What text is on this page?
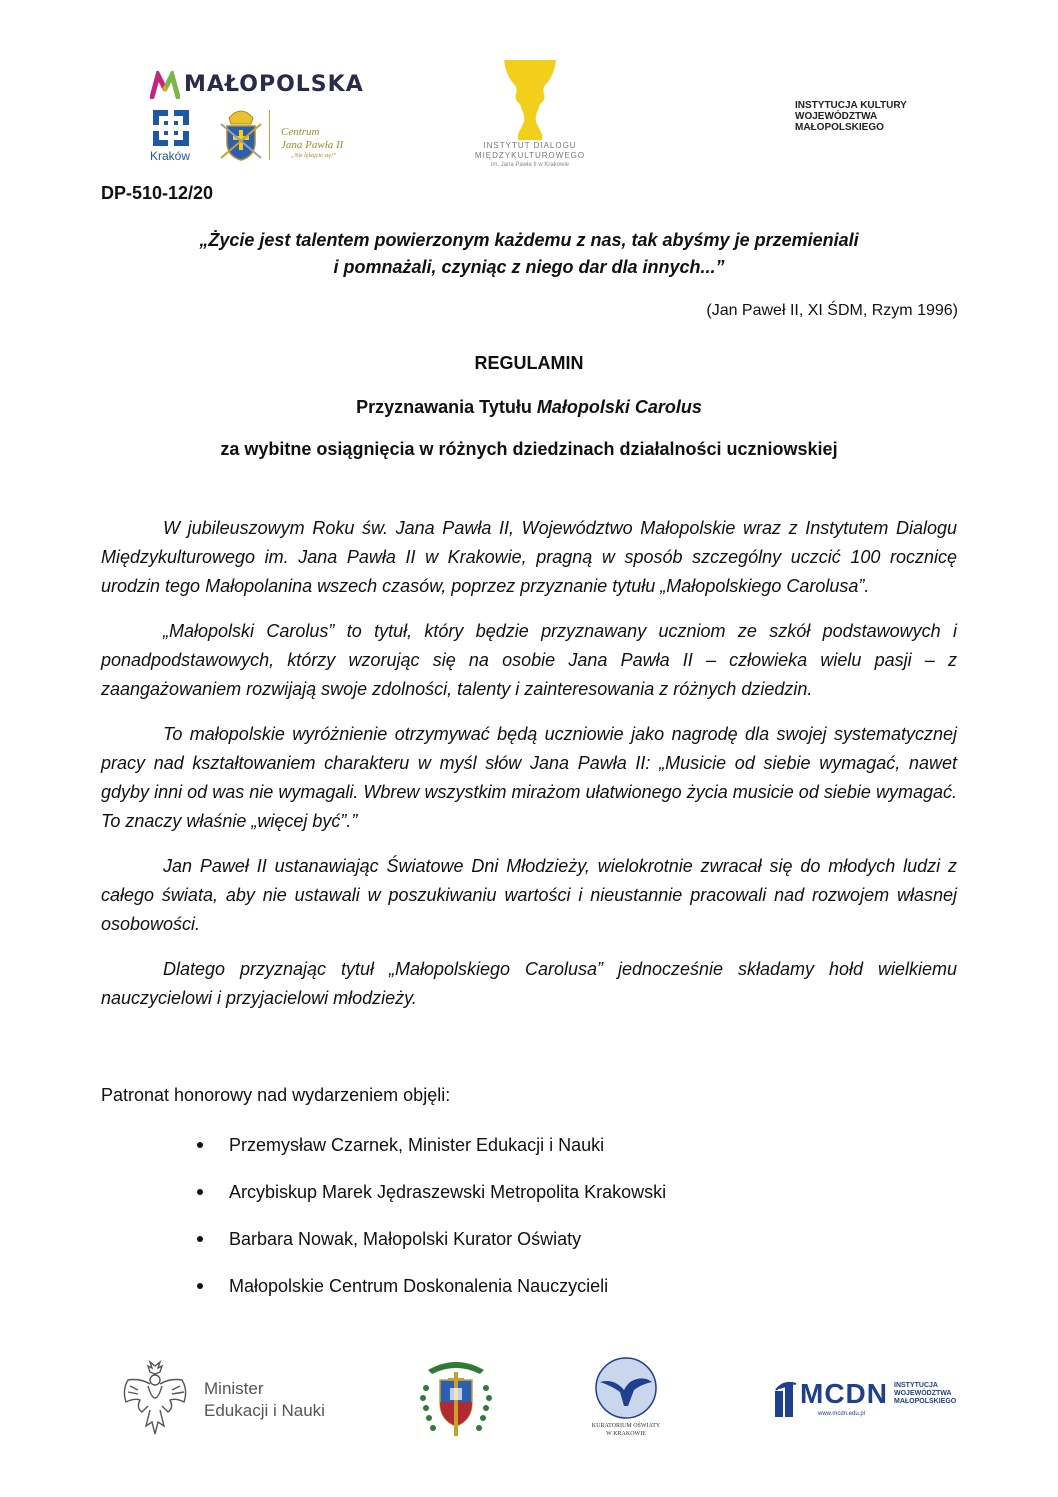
MAŁOPOLSKA
Kraków
Centrum
Jana Pawła II
„Nie lękajcie się!”
INSTYTUT DIALOGU
MIĘDZYKULTUROWEGO
im. Jana Pawła II w Krakowie
INSTYTUCJA KULTURY
WOJEWÓDZTWA
MAŁOPOLSKIEGO
DP-510-12/20
„Życie jest talentem powierzonym każdemu z nas, tak abyśmy je przemieniali
i pomnażali, czyniąc z niego dar dla innych...”
(Jan Paweł II, XI ŚDM, Rzym 1996)
REGULAMIN
Przyznawania Tytułu Małopolski Carolus
za wybitne osiągnięcia w różnych dziedzinach działalności uczniowskiej

W jubileuszowym Roku św. Jana Pawła II, Województwo Małopolskie wraz z Instytutem Dialogu Międzykulturowego im. Jana Pawła II w Krakowie, pragną w sposób szczególny uczcić 100 rocznicę urodzin tego Małopolanina wszech czasów, poprzez przyznanie tytułu „Małopolskiego Carolusa”.

„Małopolski Carolus” to tytuł, który będzie przyznawany uczniom ze szkół podstawowych i ponadpodstawowych, którzy wzorując się na osobie Jana Pawła II – człowieka wielu pasji – z zaangażowaniem rozwijają swoje zdolności, talenty i zainteresowania z różnych dziedzin.

To małopolskie wyróżnienie otrzymywać będą uczniowie jako nagrodę dla swojej systematycznej pracy nad kształtowaniem charakteru w myśl słów Jana Pawła II: „Musicie od siebie wymagać, nawet gdyby inni od was nie wymagali. Wbrew wszystkim mirażom ułatwionego życia musicie od siebie wymagać. To znaczy właśnie „więcej być”.”

Jan Paweł II ustanawiając Światowe Dni Młodzieży, wielokrotnie zwracał się do młodych ludzi z całego świata, aby nie ustawali w poszukiwaniu wartości i nieustannie pracowali nad rozwojem własnej osobowości.

Dlatego przyznając tytuł „Małopolskiego Carolusa” jednocześnie składamy hołd wielkiemu nauczycielowi i przyjacielowi młodzieży.

Patronat honorowy nad wydarzeniem objęli:
Przemysław Czarnek, Minister Edukacji i Nauki
Arcybiskup Marek Jędraszewski Metropolita Krakowski
Barbara Nowak, Małopolski Kurator Oświaty
Małopolskie Centrum Doskonalenia Nauczycieli
Minister
Edukacji i Nauki
KURATORIUM OŚWIATY
W KRAKOWIE
MCDN
www.mcdn.edu.pl
INSTYTUCJA
WOJEWÓDZTWA
MAŁOPOLSKIEGO
